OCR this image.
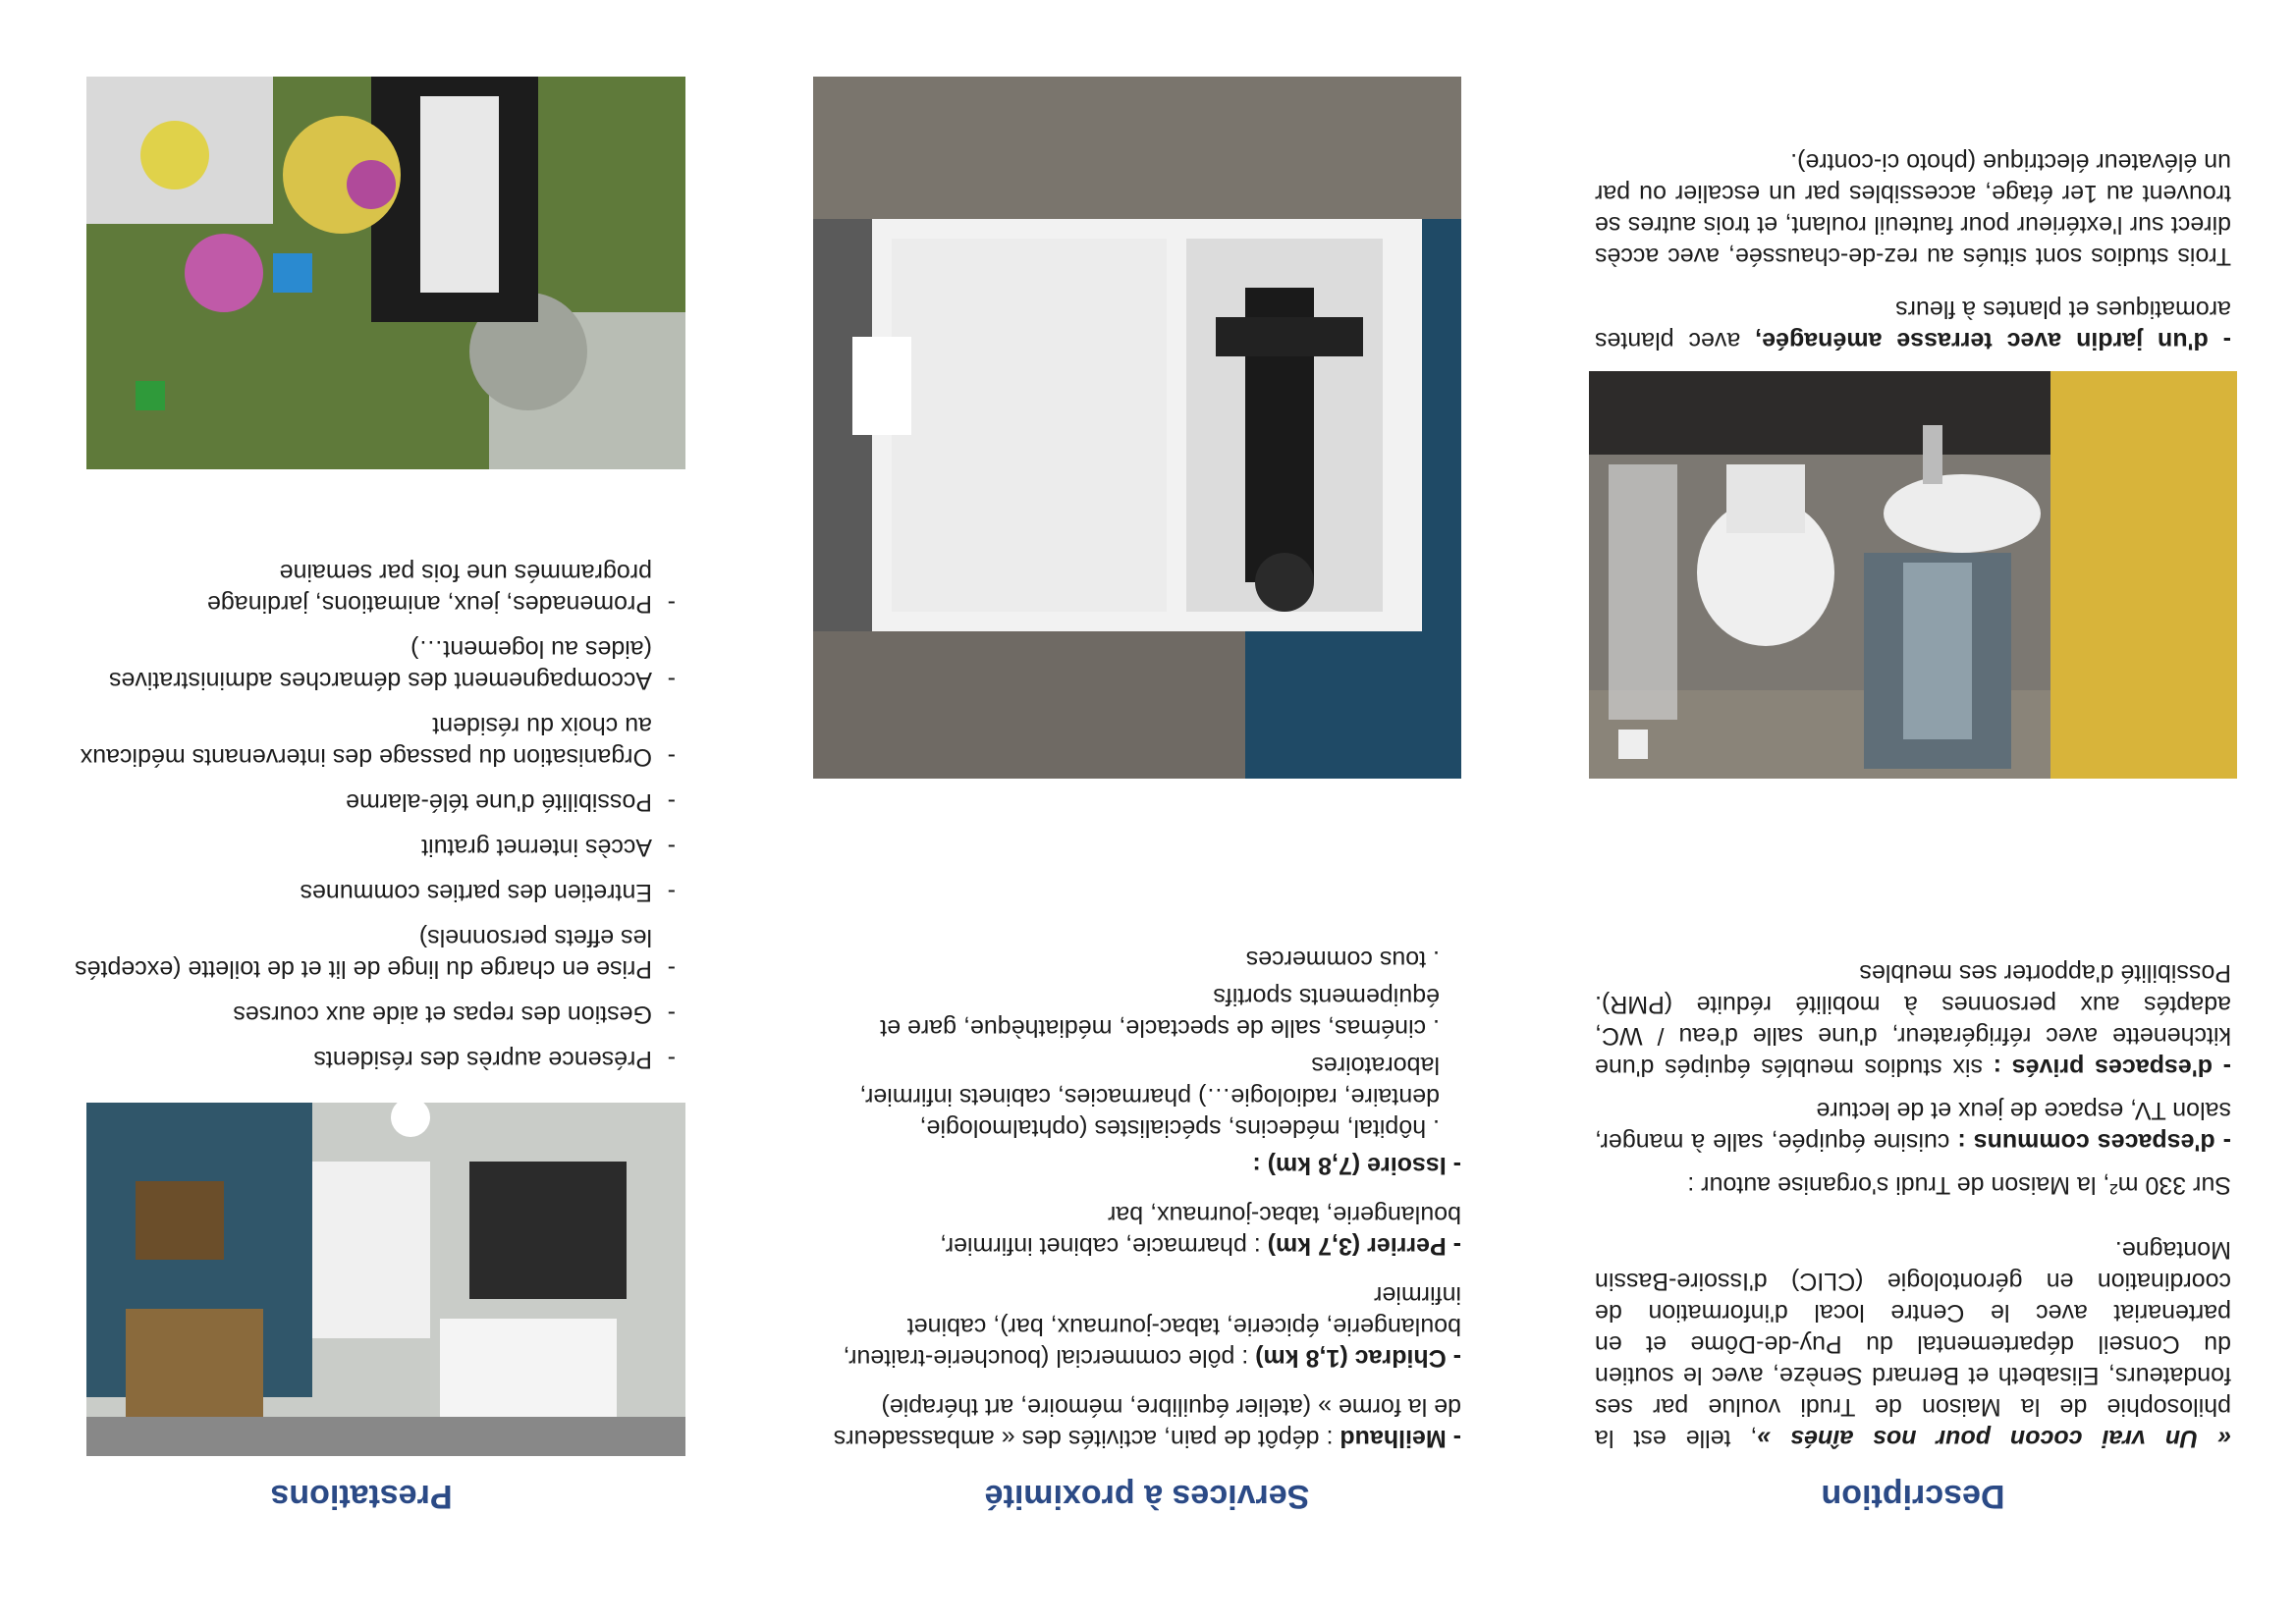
Description

« Un vrai cocon pour nos aînés », telle est la philosophie de la Maison de Trudi voulue par ses fondateurs, Elisabeth et Bernard Senèze, avec le soutien du Conseil départemental du Puy-de-Dôme et en partenariat avec le Centre local d'information de coordination en gérontologie (CLIC) d'Issoire-Bassin Montagne.

Sur 330 m², la Maison de Trudi s'organise autour :

- d'espaces communs : cuisine équipée, salle à manger, salon TV, espace de jeux et de lecture

- d'espaces privés : six studios meublés équipés d'une kitchenette avec réfrigérateur, d'une salle d'eau / WC, adaptés aux personnes à mobilité réduite (PMR). Possibilité d'apporter ses meubles

- d'un jardin avec terrasse aménagée, avec plantes aromatiques et plantes à fleurs

Trois studios sont situés au rez-de-chaussée, avec accès direct sur l'extérieur pour fauteuil roulant, et trois autres se trouvent au 1er étage, accessibles par un escalier ou par un élévateur électrique (photo ci-contre).

Services à proximité

- Meilhaud : dépôt de pain, activités des « ambassadeurs de la forme » (atelier équilibre, mémoire, art thérapie)

- Chidrac (1,8 km) : pôle commercial (boucherie-traiteur, boulangerie, épicerie, tabac-journaux, bar), cabinet infirmier

- Perrier (3,7 km) : pharmacie, cabinet infirmier, boulangerie, tabac-journaux, bar

- Issoire (7,8 km) :

. hôpital, médecins, spécialistes (ophtalmologie, dentaire, radiologie…) pharmacies, cabinets infirmier, laboratoires

. cinémas, salle de spectacle, médiathèque, gare et équipements sportifs

. tous commerces

Prestations
-
Présence auprès des résidents
-
Gestion des repas et aide aux courses
-
Prise en charge du linge de lit et de toilette (exceptés les effets personnels)
-
Entretien des parties communes
-
Accès internet gratuit
-
Possibilité d'une télé-alarme
-
Organisation du passage des intervenants médicaux au choix du résident
-
Accompagnement des démarches administratives (aides au logement…)
-
Promenades, jeux, animations, jardinage programmés une fois par semaine
